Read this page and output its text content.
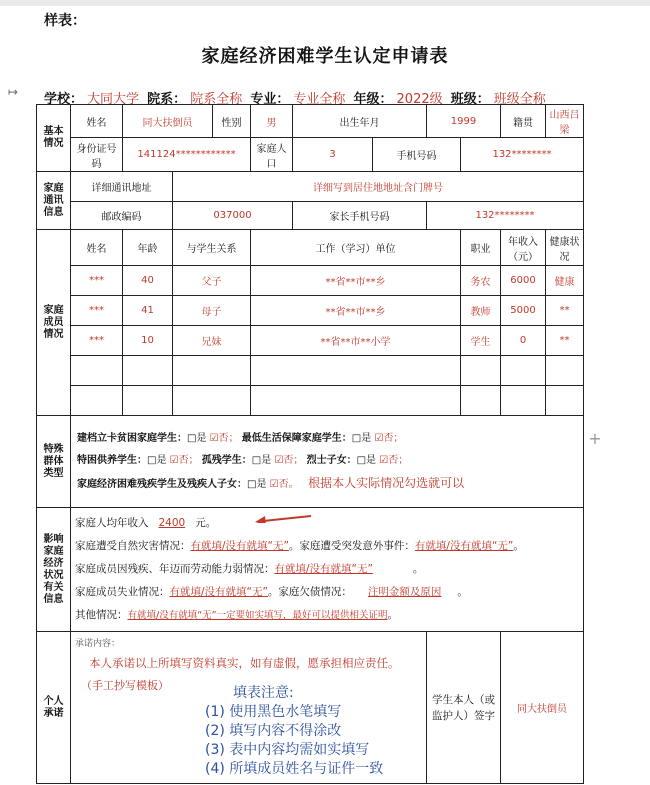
样表：
家庭经济困难学生认定申请表
↦ 学校： 大同大学 院系： 院系全称 专业： 专业全称 年级： 2022级 班级： 班级全称
基本情况	姓名	同大扶倒员		性别	男	出生年月		1999		籍贯	山西吕梁
	身份证号码	141124************			家庭人口	3	手机号码		132********		
家庭通讯信息	详细通讯地址		详细写到居住地地址含门牌号								
	邮政编码		037000			家长手机号码		132********			
家庭成员情况	姓名	年龄	与学生关系		工作（学习）单位				职业	年收入（元）	健康状况
	***	40	父子		**省**市**乡				务农	6000	健康
	***	41	母子		**省**市**乡				教师	5000	**
	***	10	兄妹		**省**市**小学				学生	0	**

特殊群体类型	建档立卡贫困家庭学生：□是 ☑否； 最低生活保障家庭学生：□是 ☑否；
特困供养学生：□是 ☑否； 孤残学生：□是 ☑否； 烈士子女：□是 ☑否；
家庭经济困难残疾学生及残疾人子女：□是 ☑否。 根据本人实际情况勾选就可以										

影响家庭经济状况有关信息	家庭人均年收入 2400 元。
家庭遭受自然灾害情况：有就填/没有就填“无”。家庭遭受突发意外事件：有就填/没有就填“无”。
家庭成员因残疾、年迈而劳动能力弱情况：有就填/没有就填“无” 。
家庭成员失业情况：有就填/没有就填“无”。家庭欠债情况： 注明金额及原因 。
其他情况：有就填/没有就填“无”一定要如实填写，最好可以提供相关证明。										

个人承诺	承诺内容：
本人承诺以上所填写资料真实，如有虚假，愿承担相应责任。
（手工抄写模板）							学生本人（或监护人）签字		同大扶倒员	
填表注意:
(1) 使用黑色水笔填写
(2) 填写内容不得涂改
(3) 表中内容均需如实填写
(4) 所填成员姓名与证件一致
+
